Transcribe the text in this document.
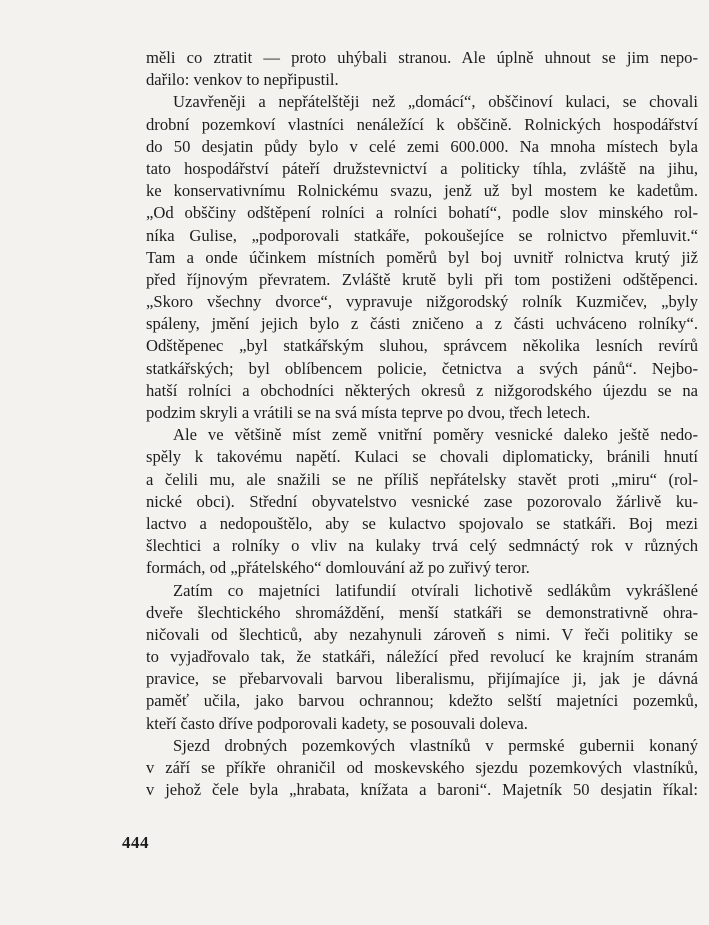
měli co ztratit — proto uhýbali stranou. Ale úplně uhnout se jim nepo-
dařilo: venkov to nepřipustil.
Uzavřeněji a nepřátelštěji než „domácí“, obščinoví kulaci, se chovali
drobní pozemkoví vlastníci nenáležící k obščině. Rolnických hospodářství
do 50 desjatin půdy bylo v celé zemi 600.000. Na mnoha místech byla
tato hospodářství páteří družstevnictví a politicky tíhla, zvláště na jihu,
ke konservativnímu Rolnickému svazu, jenž už byl mostem ke kadetům.
„Od obščiny odštěpení rolníci a rolníci bohatí“, podle slov minského rol-
níka Gulise, „podporovali statkáře, pokoušejíce se rolnictvo přemluvit.“
Tam a onde účinkem místních poměrů byl boj uvnitř rolnictva krutý již
před říjnovým převratem. Zvláště krutě byli při tom postiženi odštěpenci.
„Skoro všechny dvorce“, vypravuje nižgorodský rolník Kuzmičev, „byly
spáleny, jmění jejich bylo z části zničeno a z části uchváceno rolníky“.
Odštěpenec „byl statkářským sluhou, správcem několika lesních revírů
statkářských; byl oblíbencem policie, četnictva a svých pánů“. Nejbo-
hatší rolníci a obchodníci některých okresů z nižgorodského újezdu se na
podzim skryli a vrátili se na svá místa teprve po dvou, třech letech.
Ale ve většině míst země vnitřní poměry vesnické daleko ještě nedo-
spěly k takovému napětí. Kulaci se chovali diplomaticky, bránili hnutí
a čelili mu, ale snažili se ne příliš nepřátelsky stavět proti „miru“ (rol-
nické obci). Střední obyvatelstvo vesnické zase pozorovalo žárlivě ku-
lactvo a nedopouštělo, aby se kulactvo spojovalo se statkáři. Boj mezi
šlechtici a rolníky o vliv na kulaky trvá celý sedmnáctý rok v různých
formách, od „přátelského“ domlouvání až po zuřivý teror.
Zatím co majetníci latifundií otvírali lichotivě sedlákům vykrášlené
dveře šlechtického shromáždění, menší statkáři se demonstrativně ohra-
ničovali od šlechticů, aby nezahynuli zároveň s nimi. V řeči politiky se
to vyjadřovalo tak, že statkáři, náležící před revolucí ke krajním stranám
pravice, se přebarvovali barvou liberalismu, přijímajíce ji, jak je dávná
paměť učila, jako barvou ochrannou; kdežto selští majetníci pozemků,
kteří často dříve podporovali kadety, se posouvali doleva.
Sjezd drobných pozemkových vlastníků v permské gubernii konaný
v září se příkře ohraničil od moskevského sjezdu pozemkových vlastníků,
v jehož čele byla „hrabata, knížata a baroni“. Majetník 50 desjatin říkal:
444
